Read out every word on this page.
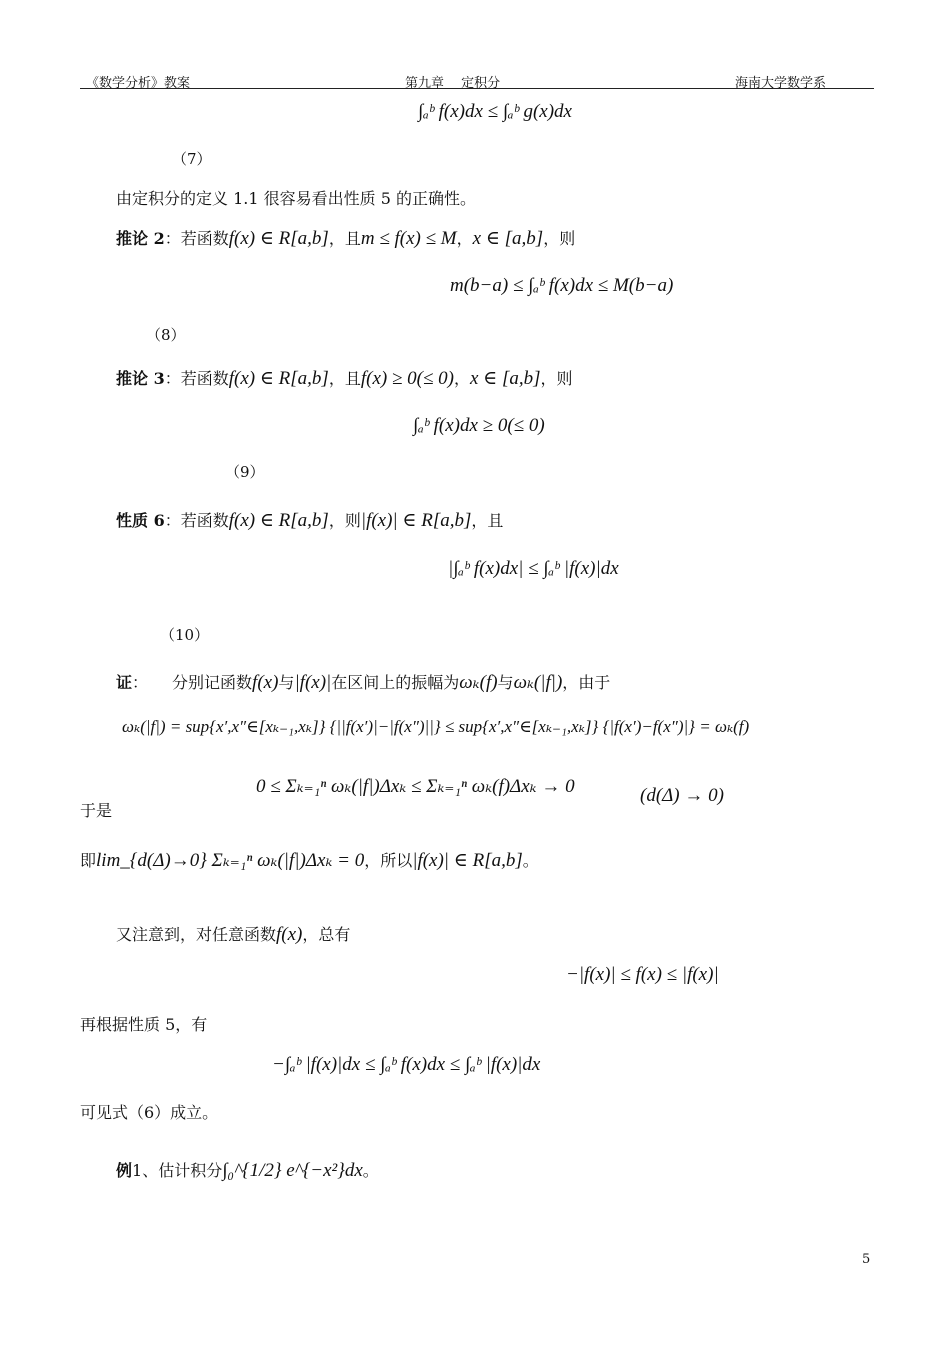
《数学分析》教案	第九章　 定积分	海南大学数学系
∫ₐᵇ f(x)dx ≤ ∫ₐᵇ g(x)dx
（7）
由定积分的定义 1.1 很容易看出性质 5 的正确性。
推论 2：若函数f(x) ∈ R[a,b]，且m ≤ f(x) ≤ M，x ∈ [a,b]，则
m(b−a) ≤ ∫ₐᵇ f(x)dx ≤ M(b−a)
（8）
推论 3：若函数f(x) ∈ R[a,b]，且f(x) ≥ 0(≤ 0)，x ∈ [a,b]，则
∫ₐᵇ f(x)dx ≥ 0(≤ 0)
（9）
性质 6：若函数f(x) ∈ R[a,b]，则|f(x)| ∈ R[a,b]，且
|∫ₐᵇ f(x)dx| ≤ ∫ₐᵇ |f(x)|dx
（10）
证： 分别记函数f(x)与|f(x)|在区间上的振幅为ωₖ(f)与ωₖ(|f|)，由于
ωₖ(|f|) = sup{x′,x″∈[xₖ₋₁,xₖ]} {||f(x′)|−|f(x″)||} ≤ sup{x′,x″∈[xₖ₋₁,xₖ]} {|f(x′)−f(x″)|} = ωₖ(f)
0 ≤ Σₖ₌₁ⁿ ωₖ(|f|)Δxₖ ≤ Σₖ₌₁ⁿ ωₖ(f)Δxₖ → 0	(d(Δ) → 0)
于是
即lim_{d(Δ)→0} Σₖ₌₁ⁿ ωₖ(|f|)Δxₖ = 0，所以|f(x)| ∈ R[a,b]。
又注意到，对任意函数f(x)，总有
−|f(x)| ≤ f(x) ≤ |f(x)|
再根据性质 5，有
−∫ₐᵇ |f(x)|dx ≤ ∫ₐᵇ f(x)dx ≤ ∫ₐᵇ |f(x)|dx
可见式（6）成立。
例1、估计积分∫₀^{1/2} e^{−x²}dx。
5
